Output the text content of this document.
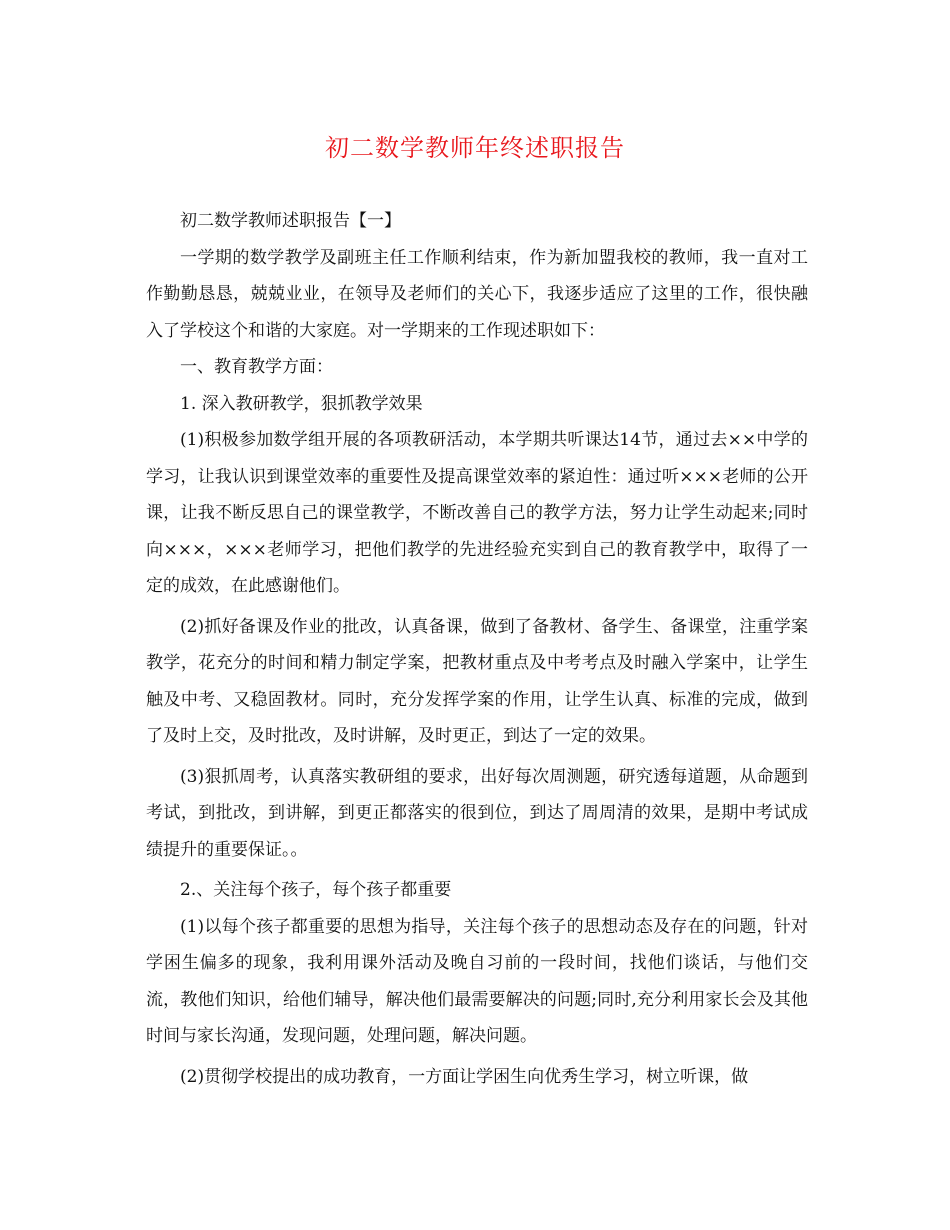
初二数学教师年终述职报告

初二数学教师述职报告【一】

一学期的数学教学及副班主任工作顺利结束，作为新加盟我校的教师，我一直对工作勤勤恳恳，兢兢业业，在领导及老师们的关心下，我逐步适应了这里的工作，很快融入了学校这个和谐的大家庭。对一学期来的工作现述职如下：

一、教育教学方面：

1. 深入教研教学，狠抓教学效果

(1)积极参加数学组开展的各项教研活动，本学期共听课达14节，通过去××中学的学习，让我认识到课堂效率的重要性及提高课堂效率的紧迫性：通过听×××老师的公开课，让我不断反思自己的课堂教学，不断改善自己的教学方法，努力让学生动起来;同时向×××，×××老师学习，把他们教学的先进经验充实到自己的教育教学中，取得了一定的成效，在此感谢他们。

(2)抓好备课及作业的批改，认真备课，做到了备教材、备学生、备课堂，注重学案教学，花充分的时间和精力制定学案，把教材重点及中考考点及时融入学案中，让学生触及中考、又稳固教材。同时，充分发挥学案的作用，让学生认真、标准的完成，做到了及时上交，及时批改，及时讲解，及时更正，到达了一定的效果。

(3)狠抓周考，认真落实教研组的要求，出好每次周测题，研究透每道题，从命题到考试，到批改，到讲解，到更正都落实的很到位，到达了周周清的效果，是期中考试成绩提升的重要保证。。

2.、关注每个孩子，每个孩子都重要

(1)以每个孩子都重要的思想为指导，关注每个孩子的思想动态及存在的问题，针对学困生偏多的现象，我利用课外活动及晚自习前的一段时间，找他们谈话，与他们交流，教他们知识，给他们辅导，解决他们最需要解决的问题;同时,充分利用家长会及其他时间与家长沟通，发现问题，处理问题，解决问题。

(2)贯彻学校提出的成功教育，一方面让学困生向优秀生学习，树立听课，做
